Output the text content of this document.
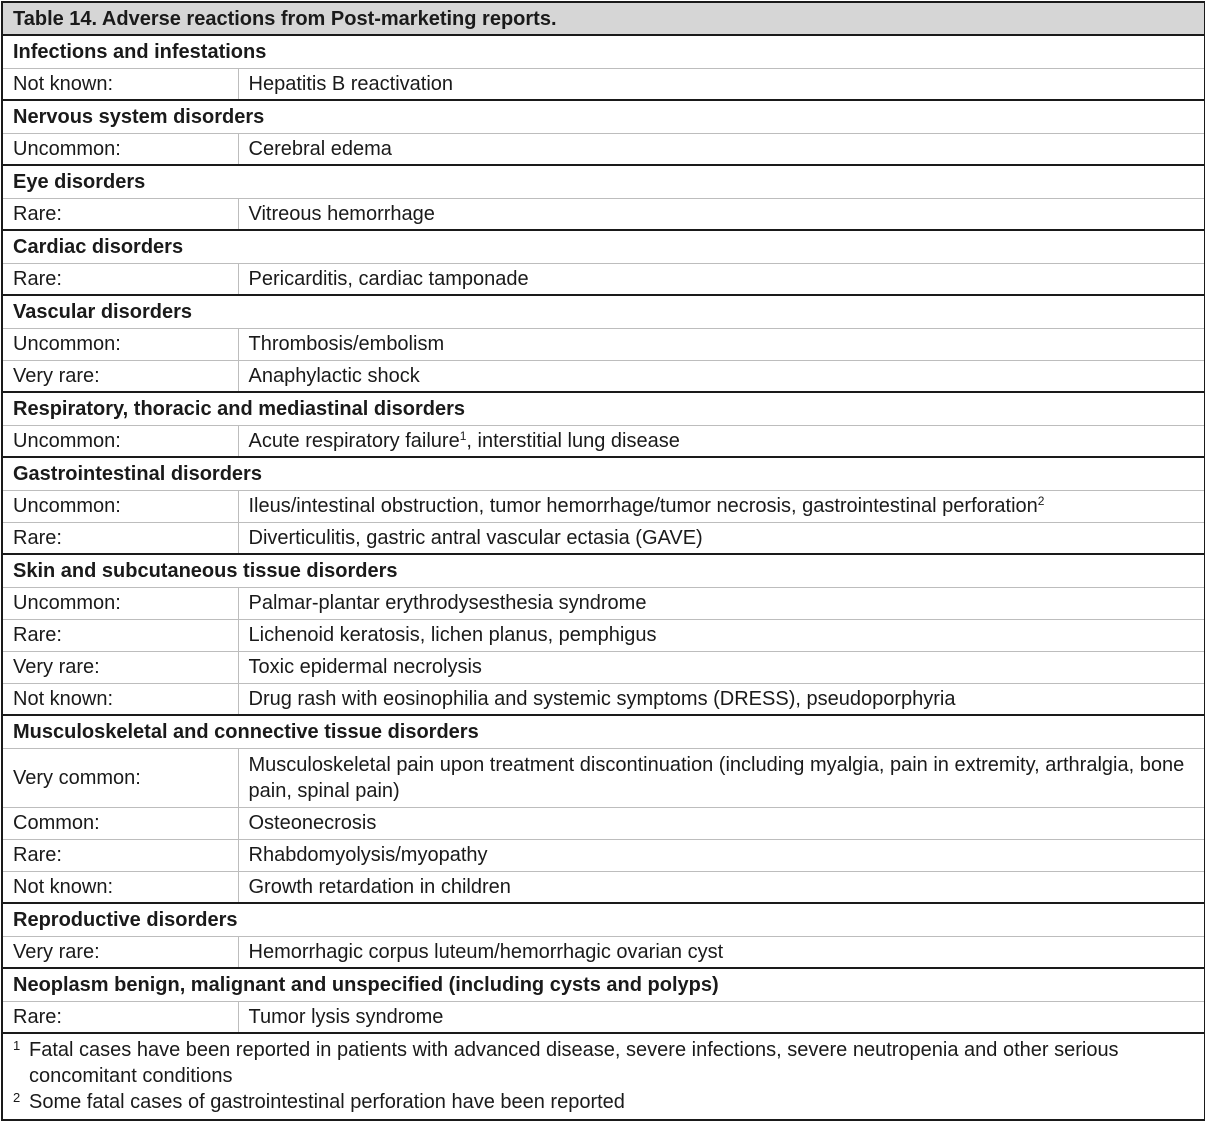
Table 14. Adverse reactions from Post-marketing reports.	
Infections and infestations	
Not known:	Hepatitis B reactivation
Nervous system disorders	
Uncommon:	Cerebral edema
Eye disorders	
Rare:	Vitreous hemorrhage
Cardiac disorders	
Rare:	Pericarditis, cardiac tamponade
Vascular disorders	
Uncommon:	Thrombosis/embolism
Very rare:	Anaphylactic shock
Respiratory, thoracic and mediastinal disorders	
Uncommon:	Acute respiratory failure$^1$, interstitial lung disease
Gastrointestinal disorders	
Uncommon:	Ileus/intestinal obstruction, tumor hemorrhage/tumor necrosis, gastrointestinal perforation$^2$
Rare:	Diverticulitis, gastric antral vascular ectasia (GAVE)
Skin and subcutaneous tissue disorders	
Uncommon:	Palmar-plantar erythrodysesthesia syndrome
Rare:	Lichenoid keratosis, lichen planus, pemphigus
Very rare:	Toxic epidermal necrolysis
Not known:	Drug rash with eosinophilia and systemic symptoms (DRESS), pseudoporphyria
Musculoskeletal and connective tissue disorders	
Very common:	Musculoskeletal pain upon treatment discontinuation (including myalgia, pain in extremity, arthralgia, bone pain, spinal pain)
Common:	Osteonecrosis
Rare:	Rhabdomyolysis/myopathy
Not known:	Growth retardation in children
Reproductive disorders	
Very rare:	Hemorrhagic corpus luteum/hemorrhagic ovarian cyst
Neoplasm benign, malignant and unspecified (including cysts and polyps)	
Rare:	Tumor lysis syndrome

1 Fatal cases have been reported in patients with advanced disease, severe infections, severe neutropenia and other serious concomitant conditions
2 Some fatal cases of gastrointestinal perforation have been reported	
